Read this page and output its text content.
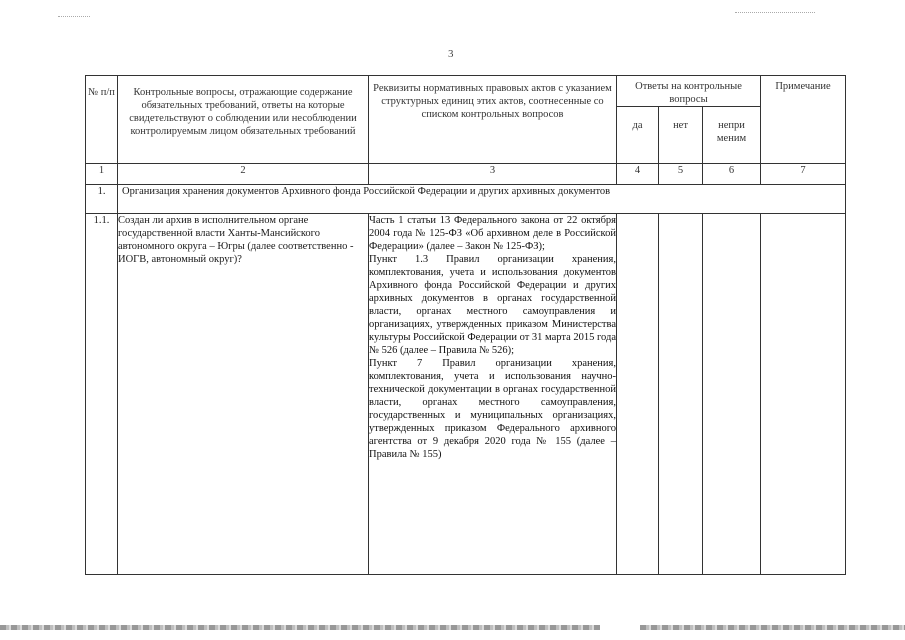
3
№ п/п	Контрольные вопросы, отражающие содержание обязательных требований, ответы на которые свидетельствуют о соблюдении или несоблюдении контролируемым лицом обязательных требований	Реквизиты нормативных правовых актов с указанием структурных единиц этих актов, соотнесенные со списком контрольных вопросов	Ответы на контрольные вопросы			Примечание
			да	нет	непри меним	
1	2	3	4	5	6	7
1.	Организация хранения документов Архивного фонда Российской Федерации и других архивных документов					
1.1.	Создан ли архив в исполнительном органе государственной власти Ханты-Мансийского автономного округа – Югры (далее соответственно - ИОГВ, автономный округ)?	Часть 1 статьи 13 Федерального закона от 22 октября 2004 года № 125-ФЗ «Об архивном деле в Российской Федерации» (далее – Закон № 125-ФЗ);

Пункт 1.3 Правил организации хранения, комплектования, учета и использования документов Архивного фонда Российской Федерации и других архивных документов в органах государственной власти, органах местного самоуправления и организациях, утвержденных приказом Министерства культуры Российской Федерации от 31 марта 2015 года № 526 (далее – Правила № 526);

Пункт 7 Правил организации хранения, комплектования, учета и использования научно-технической документации в органах государственной власти, органах местного самоуправления, государственных и муниципальных организациях, утвержденных приказом Федерального архивного агентства от 9 декабря 2020 года № 155 (далее – Правила № 155)				
